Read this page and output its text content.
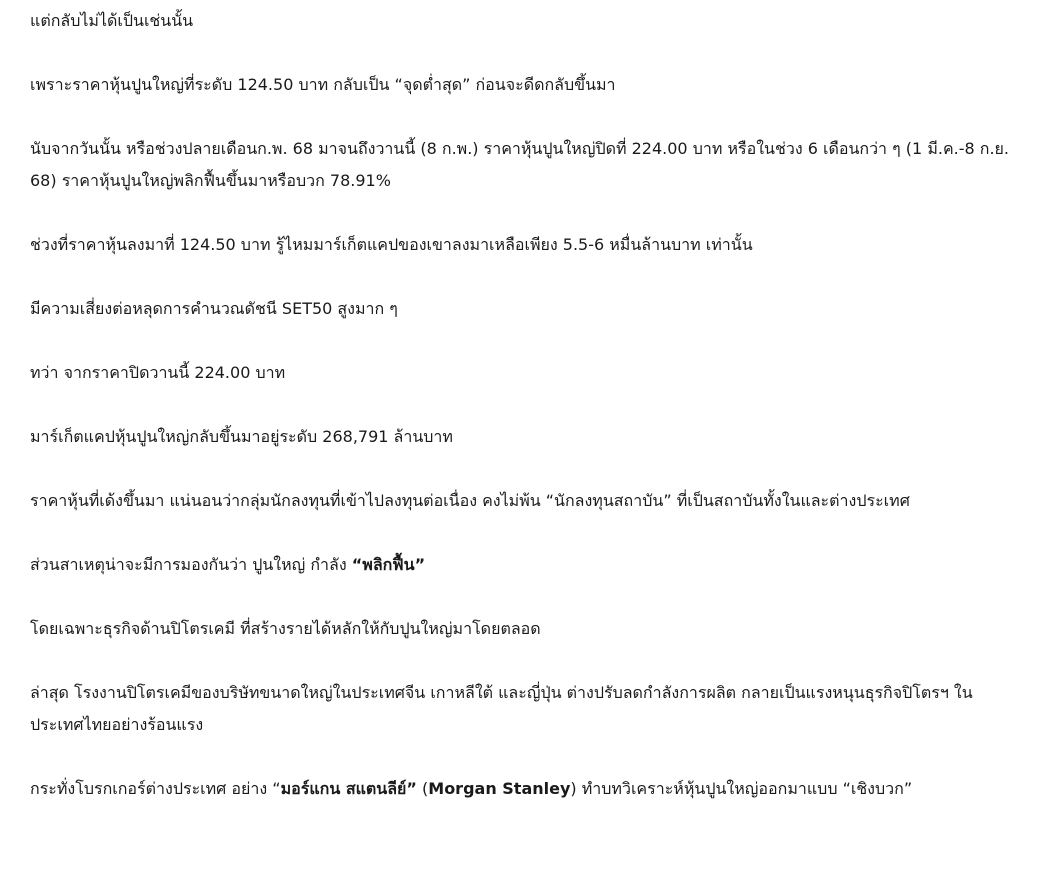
แต่กลับไม่ได้เป็นเช่นนั้น

เพราะราคาหุ้นปูนใหญ่ที่ระดับ 124.50 บาท กลับเป็น “จุดต่ำสุด” ก่อนจะดีดกลับขึ้นมา

นับจากวันนั้น หรือช่วงปลายเดือนก.พ. 68 มาจนถึงวานนี้ (8 ก.พ.) ราคาหุ้นปูนใหญ่ปิดที่ 224.00 บาท หรือในช่วง 6 เดือนกว่า ๆ (1 มี.ค.-8 ก.ย. 68) ราคาหุ้นปูนใหญ่พลิกฟื้นขึ้นมาหรือบวก 78.91%

ช่วงที่ราคาหุ้นลงมาที่ 124.50 บาท รู้ไหมมาร์เก็ตแคปของเขาลงมาเหลือเพียง 5.5-6 หมื่นล้านบาท เท่านั้น

มีความเสี่ยงต่อหลุดการคำนวณดัชนี SET50 สูงมาก ๆ

ทว่า จากราคาปิดวานนี้ 224.00 บาท

มาร์เก็ตแคปหุ้นปูนใหญ่กลับขึ้นมาอยู่ระดับ 268,791 ล้านบาท

ราคาหุ้นที่เด้งขึ้นมา แน่นอนว่ากลุ่มนักลงทุนที่เข้าไปลงทุนต่อเนื่อง คงไม่พ้น “นักลงทุนสถาบัน” ที่เป็นสถาบันทั้งในและต่างประเทศ

ส่วนสาเหตุน่าจะมีการมองกันว่า ปูนใหญ่ กำลัง “พลิกฟื้น”

โดยเฉพาะธุรกิจด้านปิโตรเคมี ที่สร้างรายได้หลักให้กับปูนใหญ่มาโดยตลอด

ล่าสุด โรงงานปิโตรเคมีของบริษัทขนาดใหญ่ในประเทศจีน เกาหลีใต้ และญี่ปุ่น ต่างปรับลดกำลังการผลิต กลายเป็นแรงหนุนธุรกิจปิโตรฯ ในประเทศไทยอย่างร้อนแรง

กระทั่งโบรกเกอร์ต่างประเทศ อย่าง “มอร์แกน สแตนลีย์” (Morgan Stanley) ทำบทวิเคราะห์หุ้นปูนใหญ่ออกมาแบบ “เชิงบวก”
